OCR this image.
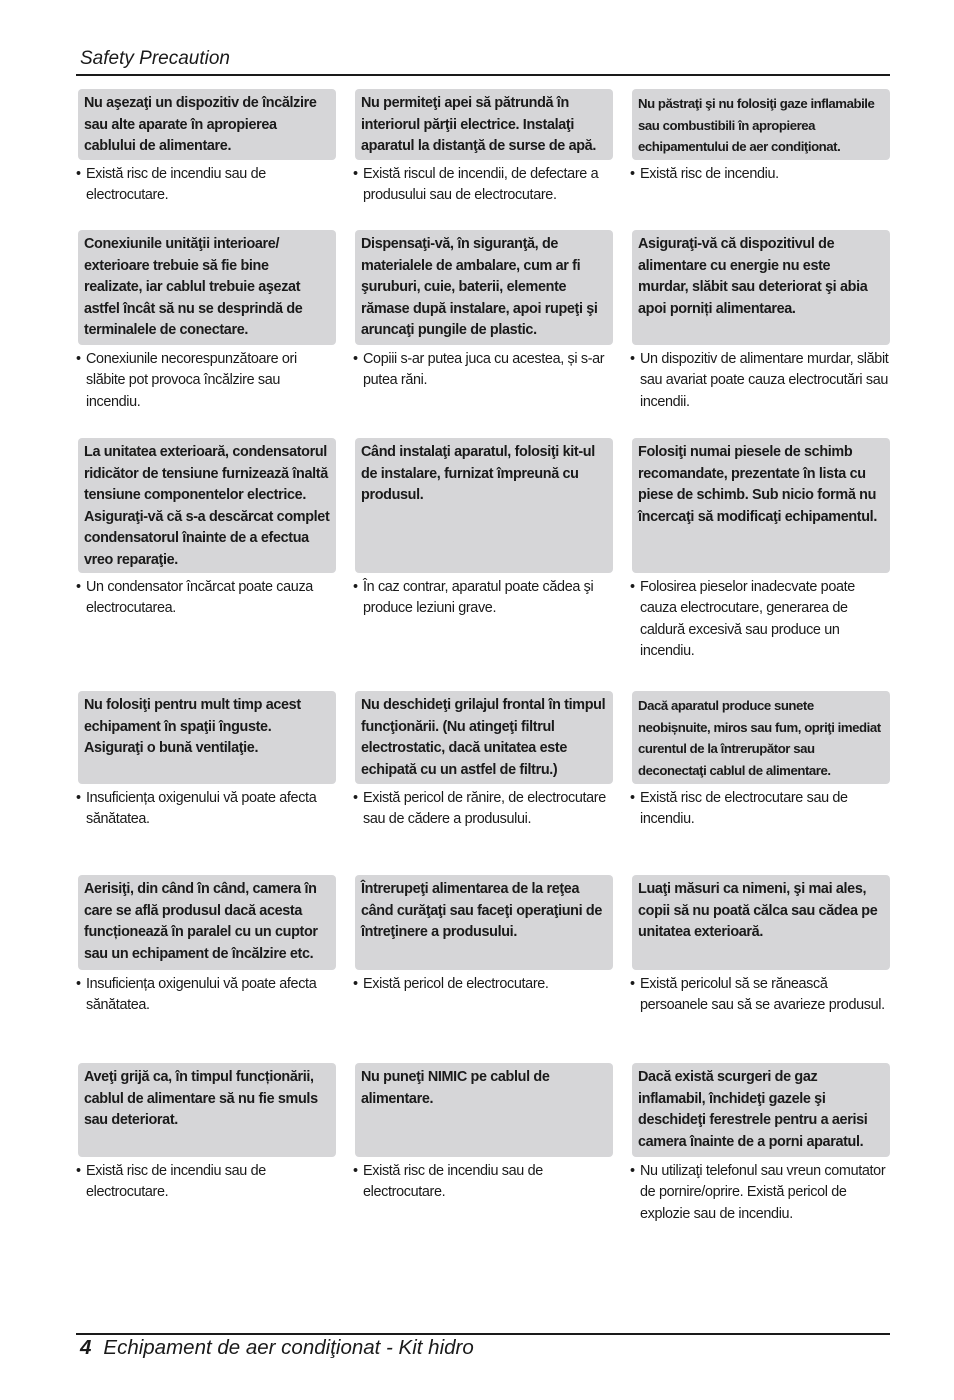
Safety Precaution
Nu aşezaţi un dispozitiv de încălzire sau alte aparate în apropierea cablului de alimentare.
• Există risc de incendiu sau de electrocutare.
Nu permiteţi apei să pătrundă în interiorul părţii electrice. Instalaţi aparatul la distanţă de surse de apă.
• Există riscul de incendii, de defectare a produsului sau de electrocutare.
Nu păstraţi şi nu folosiţi gaze inflamabile sau combustibili în apropierea echipamentului de aer condiţionat.
• Există risc de incendiu.
Conexiunile unităţii interioare/ exterioare trebuie să fie bine realizate, iar cablul trebuie aşezat astfel încât să nu se desprindă de terminalele de conectare.
• Conexiunile necorespunzătoare ori slăbite pot provoca încălzire sau incendiu.
Dispensaţi-vă, în siguranţă, de materialele de ambalare, cum ar fi şuruburi, cuie, baterii, elemente rămase după instalare, apoi rupeţi şi aruncaţi pungile de plastic.
• Copiii s-ar putea juca cu acestea, și s-ar putea răni.
Asiguraţi-vă că dispozitivul de alimentare cu energie nu este murdar, slăbit sau deteriorat şi abia apoi porniți alimentarea.
• Un dispozitiv de alimentare murdar, slăbit sau avariat poate cauza electrocutări sau incendii.
La unitatea exterioară, condensatorul ridicător de tensiune furnizează înaltă tensiune componentelor electrice. Asiguraţi-vă că s-a descărcat complet condensatorul înainte de a efectua vreo reparaţie.
• Un condensator încărcat poate cauza electrocutarea.
Când instalaţi aparatul, folosiţi kit-ul de instalare, furnizat împreună cu produsul.
• În caz contrar, aparatul poate cădea şi produce leziuni grave.
Folosiţi numai piesele de schimb recomandate, prezentate în lista cu piese de schimb. Sub nicio formă nu încercaţi să modificaţi echipamentul.
• Folosirea pieselor inadecvate poate cauza electrocutare, generarea de caldură excesivă sau produce un incendiu.
Nu folosiţi pentru mult timp acest echipament în spaţii înguste. Asiguraţi o bună ventilaţie.
• Insuficiența oxigenului vă poate afecta sănătatea.
Nu deschideţi grilajul frontal în timpul funcţionării. (Nu atingeţi filtrul electrostatic, dacă unitatea este echipată cu un astfel de filtru.)
• Există pericol de rănire, de electrocutare sau de cădere a produsului.
Dacă aparatul produce sunete neobișnuite, miros sau fum, opriţi imediat curentul de la întrerupător sau deconectaţi cablul de alimentare.
• Există risc de electrocutare sau de incendiu.
Aerisiţi, din când în când, camera în care se află produsul dacă acesta funcționează în paralel cu un cuptor sau un echipament de încălzire etc.
• Insuficiența oxigenului vă poate afecta sănătatea.
Întrerupeţi alimentarea de la reţea când curăţaţi sau faceţi operaţiuni de întreţinere a produsului.
• Există pericol de electrocutare.
Luaţi măsuri ca nimeni, şi mai ales, copii să nu poată călca sau cădea pe unitatea exterioară.
• Există pericolul să se rănească persoanele sau să se avarieze produsul.
Aveţi grijă ca, în timpul funcționării, cablul de alimentare să nu fie smuls sau deteriorat.
• Există risc de incendiu sau de electrocutare.
Nu puneţi NIMIC pe cablul de alimentare.
• Există risc de incendiu sau de electrocutare.
Dacă există scurgeri de gaz inflamabil, închideţi gazele şi deschideţi ferestrele pentru a aerisi camera înainte de a porni aparatul.
• Nu utilizaţi telefonul sau vreun comutator de pornire/oprire. Există pericol de explozie sau de incendiu.
4 Echipament de aer condiţionat - Kit hidro
